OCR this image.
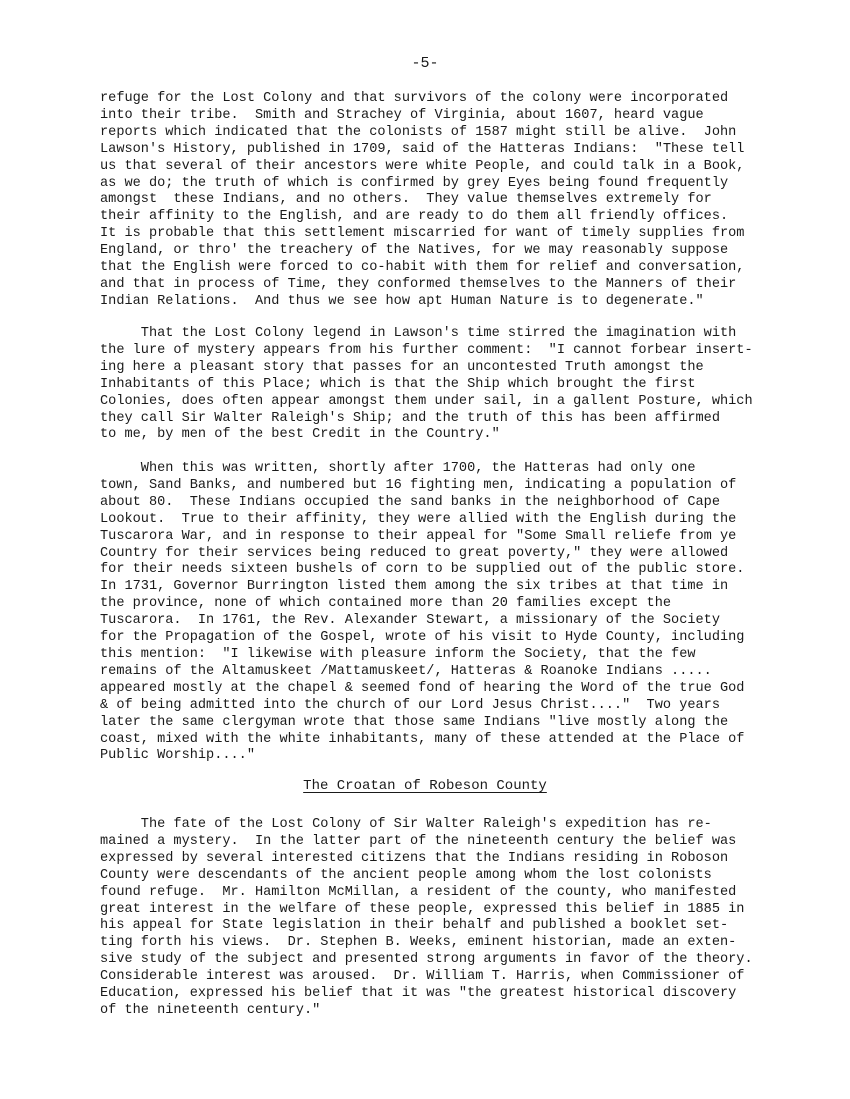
-5-

refuge for the Lost Colony and that survivors of the colony were incorporated
into their tribe.  Smith and Strachey of Virginia, about 1607, heard vague
reports which indicated that the colonists of 1587 might still be alive.  John
Lawson's History, published in 1709, said of the Hatteras Indians:  "These tell
us that several of their ancestors were white People, and could talk in a Book,
as we do; the truth of which is confirmed by grey Eyes being found frequently
amongst  these Indians, and no others.  They value themselves extremely for
their affinity to the English, and are ready to do them all friendly offices.
It is probable that this settlement miscarried for want of timely supplies from
England, or thro' the treachery of the Natives, for we may reasonably suppose
that the English were forced to co-habit with them for relief and conversation,
and that in process of Time, they conformed themselves to the Manners of their
Indian Relations.  And thus we see how apt Human Nature is to degenerate."

That the Lost Colony legend in Lawson's time stirred the imagination with
the lure of mystery appears from his further comment:  "I cannot forbear insert-
ing here a pleasant story that passes for an uncontested Truth amongst the
Inhabitants of this Place; which is that the Ship which brought the first
Colonies, does often appear amongst them under sail, in a gallent Posture, which
they call Sir Walter Raleigh's Ship; and the truth of this has been affirmed
to me, by men of the best Credit in the Country."

When this was written, shortly after 1700, the Hatteras had only one
town, Sand Banks, and numbered but 16 fighting men, indicating a population of
about 80.  These Indians occupied the sand banks in the neighborhood of Cape
Lookout.  True to their affinity, they were allied with the English during the
Tuscarora War, and in response to their appeal for "Some Small reliefe from ye
Country for their services being reduced to great poverty," they were allowed
for their needs sixteen bushels of corn to be supplied out of the public store.
In 1731, Governor Burrington listed them among the six tribes at that time in
the province, none of which contained more than 20 families except the
Tuscarora.  In 1761, the Rev. Alexander Stewart, a missionary of the Society
for the Propagation of the Gospel, wrote of his visit to Hyde County, including
this mention:  "I likewise with pleasure inform the Society, that the few
remains of the Altamuskeet /Mattamuskeet/, Hatteras & Roanoke Indians .....
appeared mostly at the chapel & seemed fond of hearing the Word of the true God
& of being admitted into the church of our Lord Jesus Christ...."  Two years
later the same clergyman wrote that those same Indians "live mostly along the
coast, mixed with the white inhabitants, many of these attended at the Place of
Public Worship...."

The Croatan of Robeson County

The fate of the Lost Colony of Sir Walter Raleigh's expedition has re-
mained a mystery.  In the latter part of the nineteenth century the belief was
expressed by several interested citizens that the Indians residing in Roboson
County were descendants of the ancient people among whom the lost colonists
found refuge.  Mr. Hamilton McMillan, a resident of the county, who manifested
great interest in the welfare of these people, expressed this belief in 1885 in
his appeal for State legislation in their behalf and published a booklet set-
ting forth his views.  Dr. Stephen B. Weeks, eminent historian, made an exten-
sive study of the subject and presented strong arguments in favor of the theory.
Considerable interest was aroused.  Dr. William T. Harris, when Commissioner of
Education, expressed his belief that it was "the greatest historical discovery
of the nineteenth century."
